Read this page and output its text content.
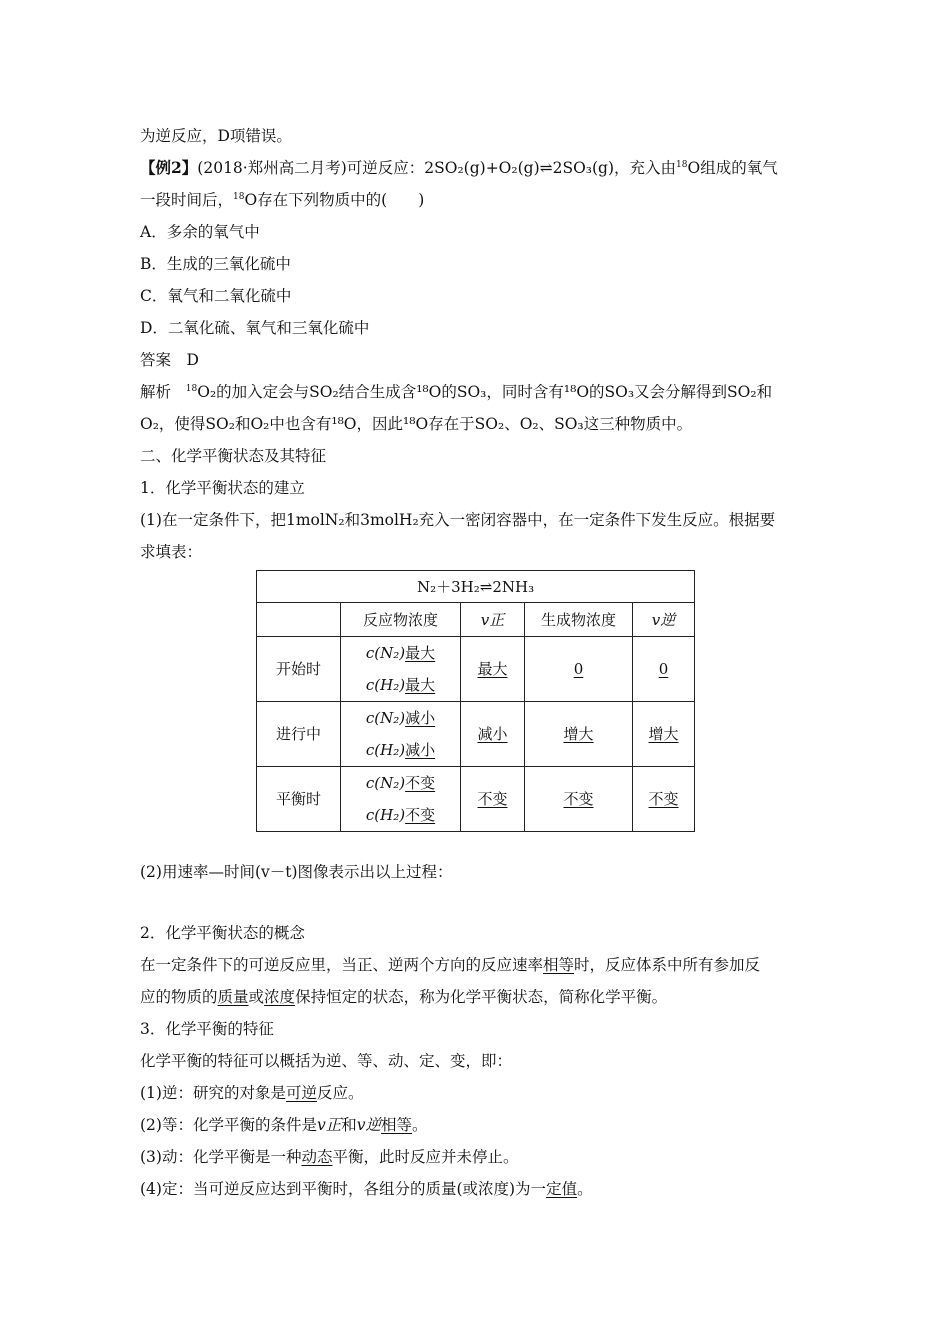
为逆反应，D项错误。
【例2】(2018·郑州高二月考)可逆反应：2SO₂(g)+O₂(g)⇌2SO₃(g)，充入由$^{18}$O组成的氧气
一段时间后，$^{18}$O存在下列物质中的(　　)
A．多余的氧气中
B．生成的三氧化硫中
C．氧气和二氧化硫中
D．二氧化硫、氧气和三氧化硫中
答案　D
解析 $^{18}$O₂的加入定会与SO₂结合生成含¹⁸O的SO₃，同时含有¹⁸O的SO₃又会分解得到SO₂和
O₂，使得SO₂和O₂中也含有¹⁸O，因此¹⁸O存在于SO₂、O₂、SO₃这三种物质中。
二、化学平衡状态及其特征
1．化学平衡状态的建立
(1)在一定条件下，把1molN₂和3molH₂充入一密闭容器中，在一定条件下发生反应。根据要
求填表：
N₂＋3H₂⇌2NH₃				
	反应物浓度	v正	生成物浓度	v逆
开始时	c(N₂)最大
c(H₂)最大	最大	0	0
进行中	c(N₂)减小
c(H₂)减小	减小	增大	增大
平衡时	c(N₂)不变
c(H₂)不变	不变	不变	不变
(2)用速率—时间(v－t)图像表示出以上过程：
2．化学平衡状态的概念
在一定条件下的可逆反应里，当正、逆两个方向的反应速率相等时，反应体系中所有参加反
应的物质的质量或浓度保持恒定的状态，称为化学平衡状态，简称化学平衡。
3．化学平衡的特征
化学平衡的特征可以概括为逆、等、动、定、变，即：
(1)逆：研究的对象是可逆反应。
(2)等：化学平衡的条件是v正和v逆相等。
(3)动：化学平衡是一种动态平衡，此时反应并未停止。
(4)定：当可逆反应达到平衡时，各组分的质量(或浓度)为一定值。
